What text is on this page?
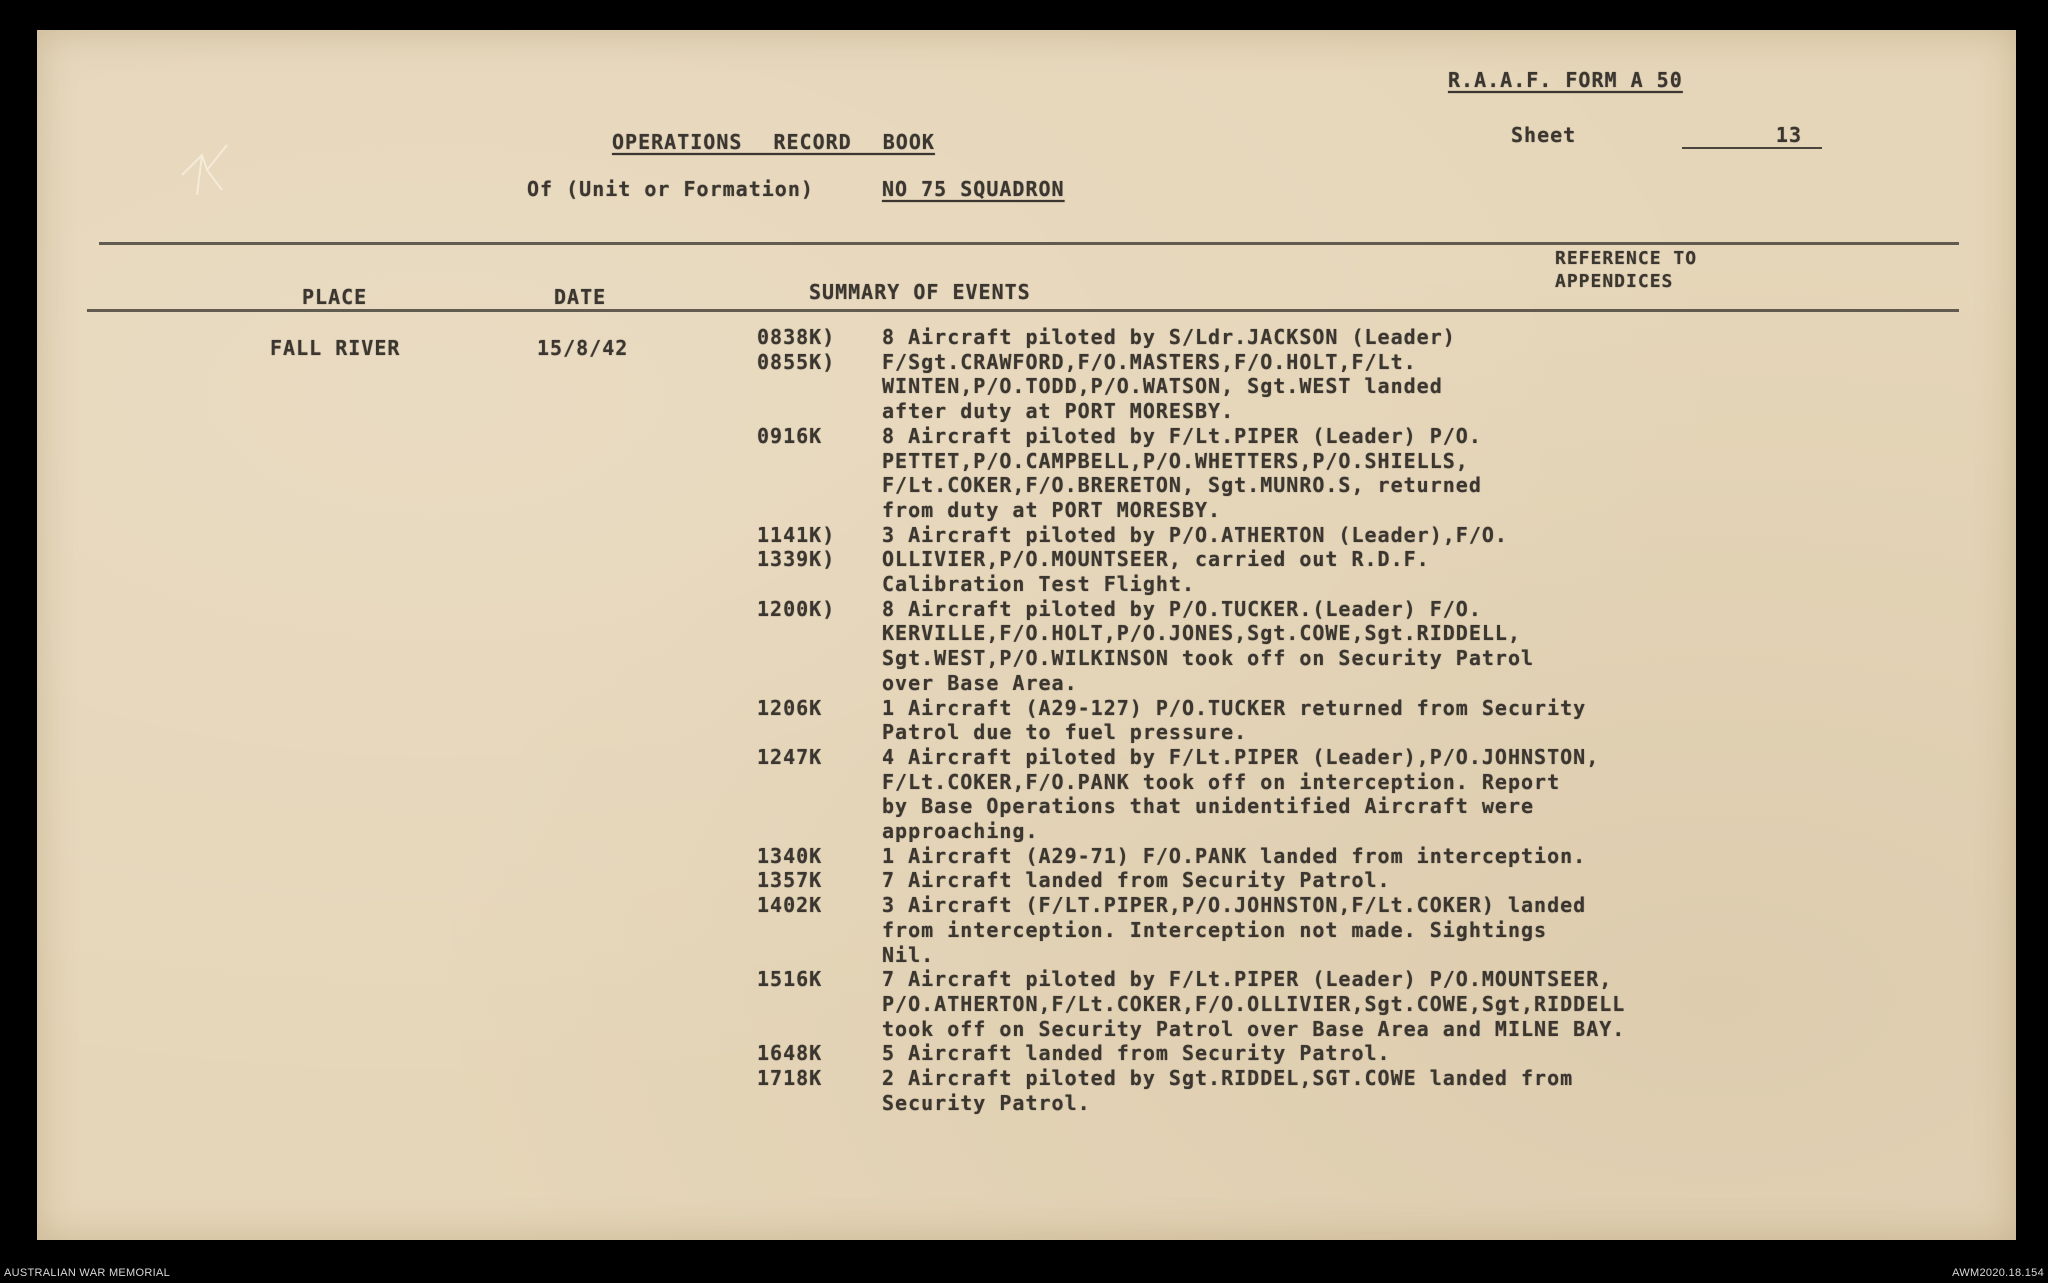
R.A.A.F. FORM A 50
Sheet	13
OPERATIONS RECORD BOOK
Of (Unit or Formation)	NO 75 SQUADRON
PLACE	DATE	SUMMARY OF EVENTS
REFERENCE TO
APPENDICES
FALL RIVER	15/8/42	0838K)	8 Aircraft piloted by S/Ldr.JACKSON (Leader)
0855K)	F/Sgt.CRAWFORD,F/O.MASTERS,F/O.HOLT,F/Lt.
WINTEN,P/O.TODD,P/O.WATSON, Sgt.WEST landed
after duty at PORT MORESBY.
0916K	8 Aircraft piloted by F/Lt.PIPER (Leader) P/O.
PETTET,P/O.CAMPBELL,P/O.WHETTERS,P/O.SHIELLS,
F/Lt.COKER,F/O.BRERETON, Sgt.MUNRO.S, returned
from duty at PORT MORESBY.
1141K)	3 Aircraft piloted by P/O.ATHERTON (Leader),F/O.
1339K)	OLLIVIER,P/O.MOUNTSEER, carried out R.D.F.
Calibration Test Flight.
1200K)	8 Aircraft piloted by P/O.TUCKER.(Leader) F/O.
KERVILLE,F/O.HOLT,P/O.JONES,Sgt.COWE,Sgt.RIDDELL,
Sgt.WEST,P/O.WILKINSON took off on Security Patrol
over Base Area.
1206K	1 Aircraft (A29-127) P/O.TUCKER returned from Security
Patrol due to fuel pressure.
1247K	4 Aircraft piloted by F/Lt.PIPER (Leader),P/O.JOHNSTON,
F/Lt.COKER,F/O.PANK took off on interception. Report
by Base Operations that unidentified Aircraft were
approaching.
1340K	1 Aircraft (A29-71) F/O.PANK landed from interception.
1357K	7 Aircraft landed from Security Patrol.
1402K	3 Aircraft (F/LT.PIPER,P/O.JOHNSTON,F/Lt.COKER) landed
from interception. Interception not made. Sightings
Nil.
1516K	7 Aircraft piloted by F/Lt.PIPER (Leader) P/O.MOUNTSEER,
P/O.ATHERTON,F/Lt.COKER,F/O.OLLIVIER,Sgt.COWE,Sgt,RIDDELL
took off on Security Patrol over Base Area and MILNE BAY.
1648K	5 Aircraft landed from Security Patrol.
1718K	2 Aircraft piloted by Sgt.RIDDEL,SGT.COWE landed from
Security Patrol.
AUSTRALIAN WAR MEMORIAL	AWM2020.18.154
